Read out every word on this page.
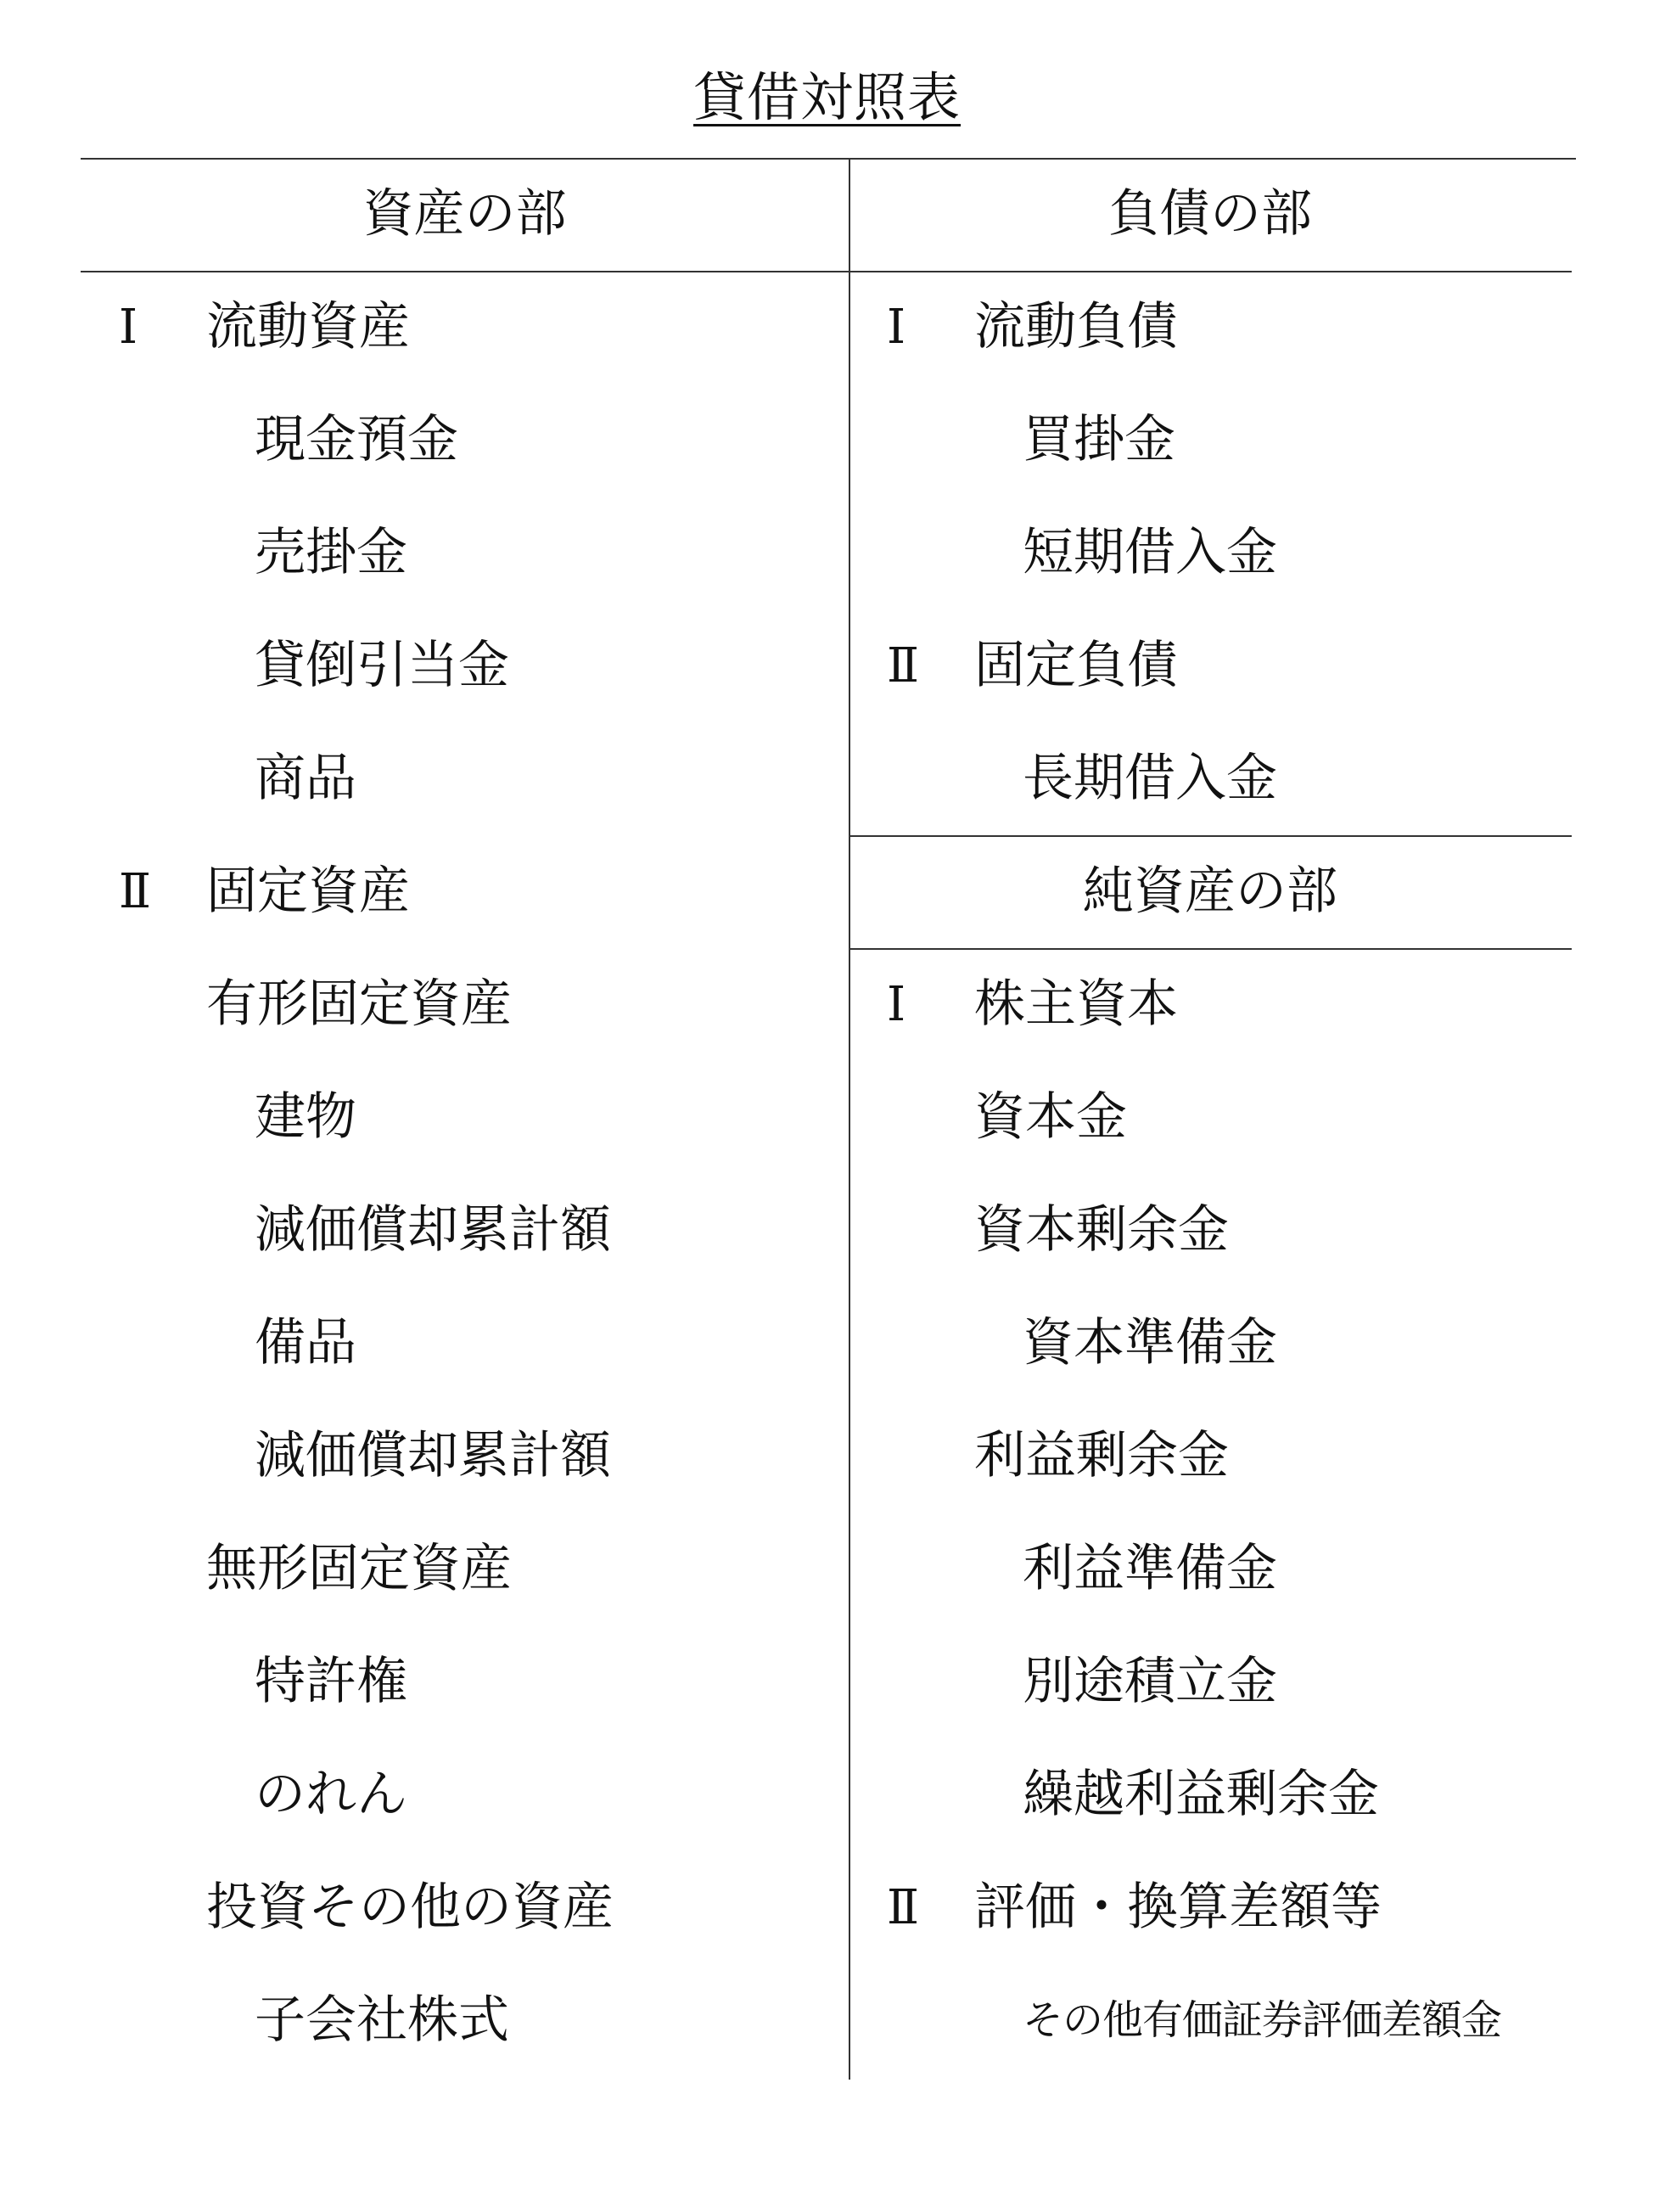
貸借対照表
資産の部	負債の部
純資産の部
Ⅰ 流動資産
現金預金
売掛金
貸倒引当金
商品
Ⅱ 固定資産
有形固定資産
建物
減価償却累計額
備品
減価償却累計額
無形固定資産
特許権
のれん
投資その他の資産
子会社株式
Ⅰ 流動負債
買掛金
短期借入金
Ⅱ 固定負債
長期借入金
Ⅰ 株主資本
資本金
資本剰余金
資本準備金
利益剰余金
利益準備金
別途積立金
繰越利益剰余金
Ⅱ 評価・換算差額等
その他有価証券評価差額金
